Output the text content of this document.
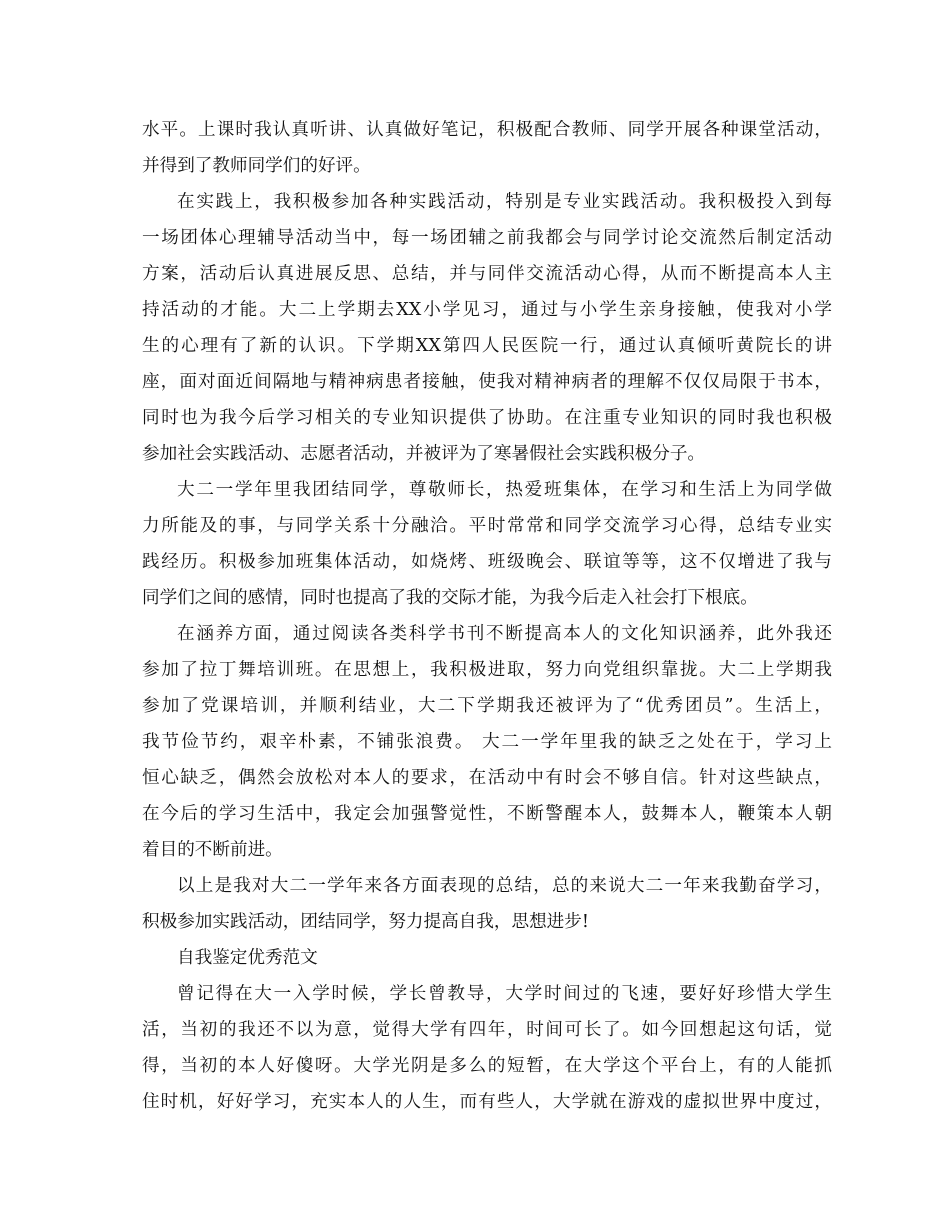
水平。上课时我认真听讲、认真做好笔记，积极配合教师、同学开展各种课堂活动，
并得到了教师同学们的好评。
在实践上，我积极参加各种实践活动，特别是专业实践活动。我积极投入到每
一场团体心理辅导活动当中，每一场团辅之前我都会与同学讨论交流然后制定活动
方案，活动后认真进展反思、总结，并与同伴交流活动心得，从而不断提高本人主
持活动的才能。大二上学期去XX小学见习，通过与小学生亲身接触，使我对小学
生的心理有了新的认识。下学期XX第四人民医院一行，通过认真倾听黄院长的讲
座，面对面近间隔地与精神病患者接触，使我对精神病者的理解不仅仅局限于书本，
同时也为我今后学习相关的专业知识提供了协助。在注重专业知识的同时我也积极
参加社会实践活动、志愿者活动，并被评为了寒暑假社会实践积极分子。
大二一学年里我团结同学，尊敬师长，热爱班集体，在学习和生活上为同学做
力所能及的事，与同学关系十分融洽。平时常常和同学交流学习心得，总结专业实
践经历。积极参加班集体活动，如烧烤、班级晚会、联谊等等，这不仅增进了我与
同学们之间的感情，同时也提高了我的交际才能，为我今后走入社会打下根底。
在涵养方面，通过阅读各类科学书刊不断提高本人的文化知识涵养，此外我还
参加了拉丁舞培训班。在思想上，我积极进取，努力向党组织靠拢。大二上学期我
参加了党课培训，并顺利结业，大二下学期我还被评为了“优秀团员”。生活上，
我节俭节约，艰辛朴素，不铺张浪费。 大二一学年里我的缺乏之处在于，学习上
恒心缺乏，偶然会放松对本人的要求，在活动中有时会不够自信。针对这些缺点，
在今后的学习生活中，我定会加强警觉性，不断警醒本人，鼓舞本人，鞭策本人朝
着目的不断前进。
以上是我对大二一学年来各方面表现的总结，总的来说大二一年来我勤奋学习，
积极参加实践活动，团结同学，努力提高自我，思想进步!
自我鉴定优秀范文
曾记得在大一入学时候，学长曾教导，大学时间过的飞速，要好好珍惜大学生
活，当初的我还不以为意，觉得大学有四年，时间可长了。如今回想起这句话，觉
得，当初的本人好傻呀。大学光阴是多么的短暂，在大学这个平台上，有的人能抓
住时机，好好学习，充实本人的人生，而有些人，大学就在游戏的虚拟世界中度过，
